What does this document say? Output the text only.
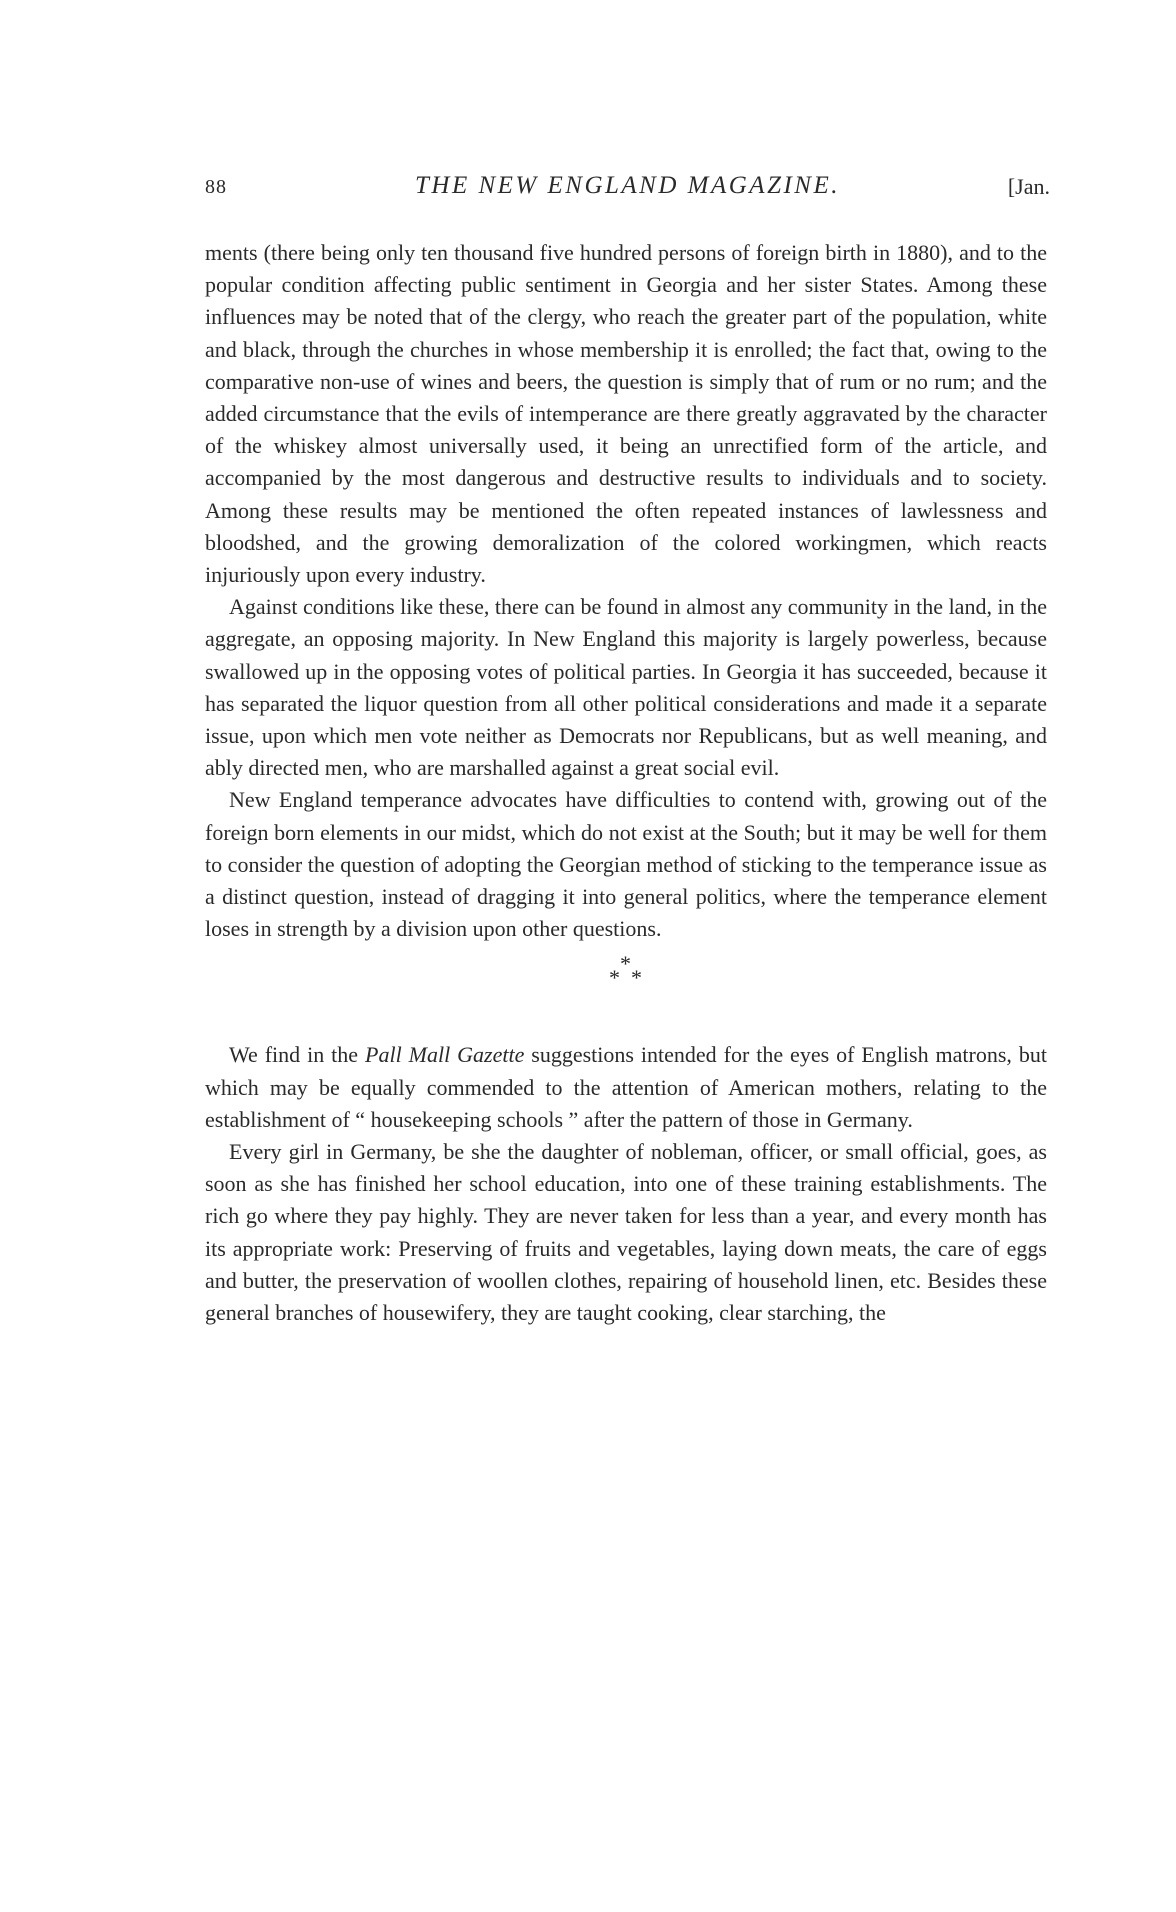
88	THE NEW ENGLAND MAGAZINE.	[Jan.

ments (there being only ten thousand five hundred persons of foreign birth in 1880), and to the popular condition affecting public sentiment in Georgia and her sister States. Among these influences may be noted that of the clergy, who reach the greater part of the population, white and black, through the churches in whose membership it is enrolled; the fact that, owing to the comparative non-use of wines and beers, the question is simply that of rum or no rum; and the added circumstance that the evils of intemperance are there greatly aggravated by the character of the whiskey almost universally used, it being an unrectified form of the article, and accompanied by the most dangerous and destructive results to individuals and to society. Among these results may be mentioned the often repeated instances of lawlessness and bloodshed, and the growing demoralization of the colored workingmen, which reacts injuriously upon every industry.

Against conditions like these, there can be found in almost any community in the land, in the aggregate, an opposing majority. In New England this majority is largely powerless, because swallowed up in the opposing votes of political parties. In Georgia it has succeeded, because it has separated the liquor question from all other political considerations and made it a separate issue, upon which men vote neither as Democrats nor Republicans, but as well meaning, and ably directed men, who are marshalled against a great social evil.

New England temperance advocates have difficulties to contend with, growing out of the foreign born elements in our midst, which do not exist at the South; but it may be well for them to consider the question of adopting the Georgian method of sticking to the temperance issue as a distinct question, instead of dragging it into general politics, where the temperance element loses in strength by a division upon other questions.

*
* *

We find in the Pall Mall Gazette suggestions intended for the eyes of English matrons, but which may be equally commended to the attention of American mothers, relating to the establishment of “ housekeeping schools ” after the pattern of those in Germany.

Every girl in Germany, be she the daughter of nobleman, officer, or small official, goes, as soon as she has finished her school education, into one of these training establishments. The rich go where they pay highly. They are never taken for less than a year, and every month has its appropriate work: Preserving of fruits and vegetables, laying down meats, the care of eggs and butter, the preservation of woollen clothes, repairing of household linen, etc. Besides these general branches of housewifery, they are taught cooking, clear starching, the
